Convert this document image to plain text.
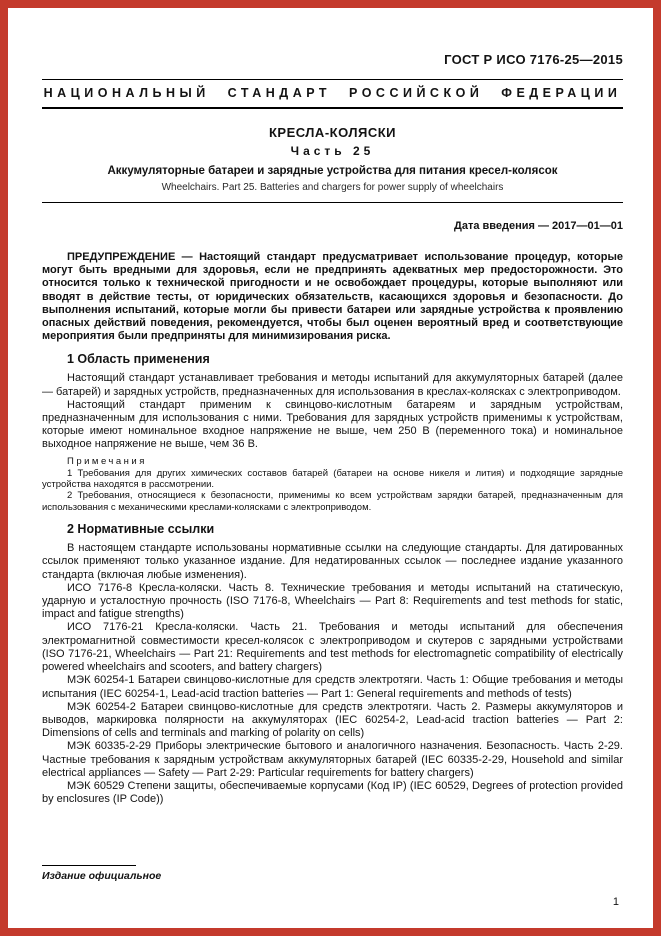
ГОСТ Р ИСО 7176-25—2015
НАЦИОНАЛЬНЫЙ СТАНДАРТ РОССИЙСКОЙ ФЕДЕРАЦИИ
КРЕСЛА-КОЛЯСКИ
Часть 25
Аккумуляторные батареи и зарядные устройства для питания кресел-колясок
Wheelchairs. Part 25. Batteries and chargers for power supply of wheelchairs
Дата введения — 2017—01—01

ПРЕДУПРЕЖДЕНИЕ — Настоящий стандарт предусматривает использование процедур, которые могут быть вредными для здоровья, если не предпринять адекватных мер предосторожности. Это относится только к технической пригодности и не освобождает процедуры, которые выполняют или вводят в действие тесты, от юридических обязательств, касающихся здоровья и безопасности. До выполнения испытаний, которые могли бы привести батареи или зарядные устройства к проявлению опасных действий поведения, рекомендуется, чтобы был оценен вероятный вред и соответствующие мероприятия были предприняты для минимизирования риска.

1 Область применения

Настоящий стандарт устанавливает требования и методы испытаний для аккумуляторных батарей (далее — батарей) и зарядных устройств, предназначенных для использования в креслах-колясках с электроприводом.

Настоящий стандарт применим к свинцово-кислотным батареям и зарядным устройствам, предназначенным для использования с ними. Требования для зарядных устройств применимы к устройствам, которые имеют номинальное входное напряжение не выше, чем 250 В (переменного тока) и номинальное выходное напряжение не выше, чем 36 В.

Примечания

1 Требования для других химических составов батарей (батареи на основе никеля и лития) и подходящие зарядные устройства находятся в рассмотрении.

2 Требования, относящиеся к безопасности, применимы ко всем устройствам зарядки батарей, предназначенным для использования с механическими креслами-колясками с электроприводом.

2 Нормативные ссылки

В настоящем стандарте использованы нормативные ссылки на следующие стандарты. Для датированных ссылок применяют только указанное издание. Для недатированных ссылок — последнее издание указанного стандарта (включая любые изменения).

ИСО 7176-8 Кресла-коляски. Часть 8. Технические требования и методы испытаний на статическую, ударную и усталостную прочность (ISO 7176-8, Wheelchairs — Part 8: Requirements and test methods for static, impact and fatigue strengths)

ИСО 7176-21 Кресла-коляски. Часть 21. Требования и методы испытаний для обеспечения электромагнитной совместимости кресел-колясок с электроприводом и скутеров с зарядными устройствами (ISO 7176-21, Wheelchairs — Part 21: Requirements and test methods for electromagnetic compatibility of electrically powered wheelchairs and scooters, and battery chargers)

МЭК 60254-1 Батареи свинцово-кислотные для средств электротяги. Часть 1: Общие требования и методы испытания (IEC 60254-1, Lead-acid traction batteries — Part 1: General requirements and methods of tests)

МЭК 60254-2 Батареи свинцово-кислотные для средств электротяги. Часть 2. Размеры аккумуляторов и выводов, маркировка полярности на аккумуляторах (IEC 60254-2, Lead-acid traction batteries — Part 2: Dimensions of cells and terminals and marking of polarity on cells)

МЭК 60335-2-29 Приборы электрические бытового и аналогичного назначения. Безопасность. Часть 2-29. Частные требования к зарядным устройствам аккумуляторных батарей (IEC 60335-2-29, Household and similar electrical appliances — Safety — Part 2-29: Particular requirements for battery chargers)

МЭК 60529 Степени защиты, обеспечиваемые корпусами (Код IP) (IEC 60529, Degrees of protection provided by enclosures (IP Code))

Издание официальное
1
